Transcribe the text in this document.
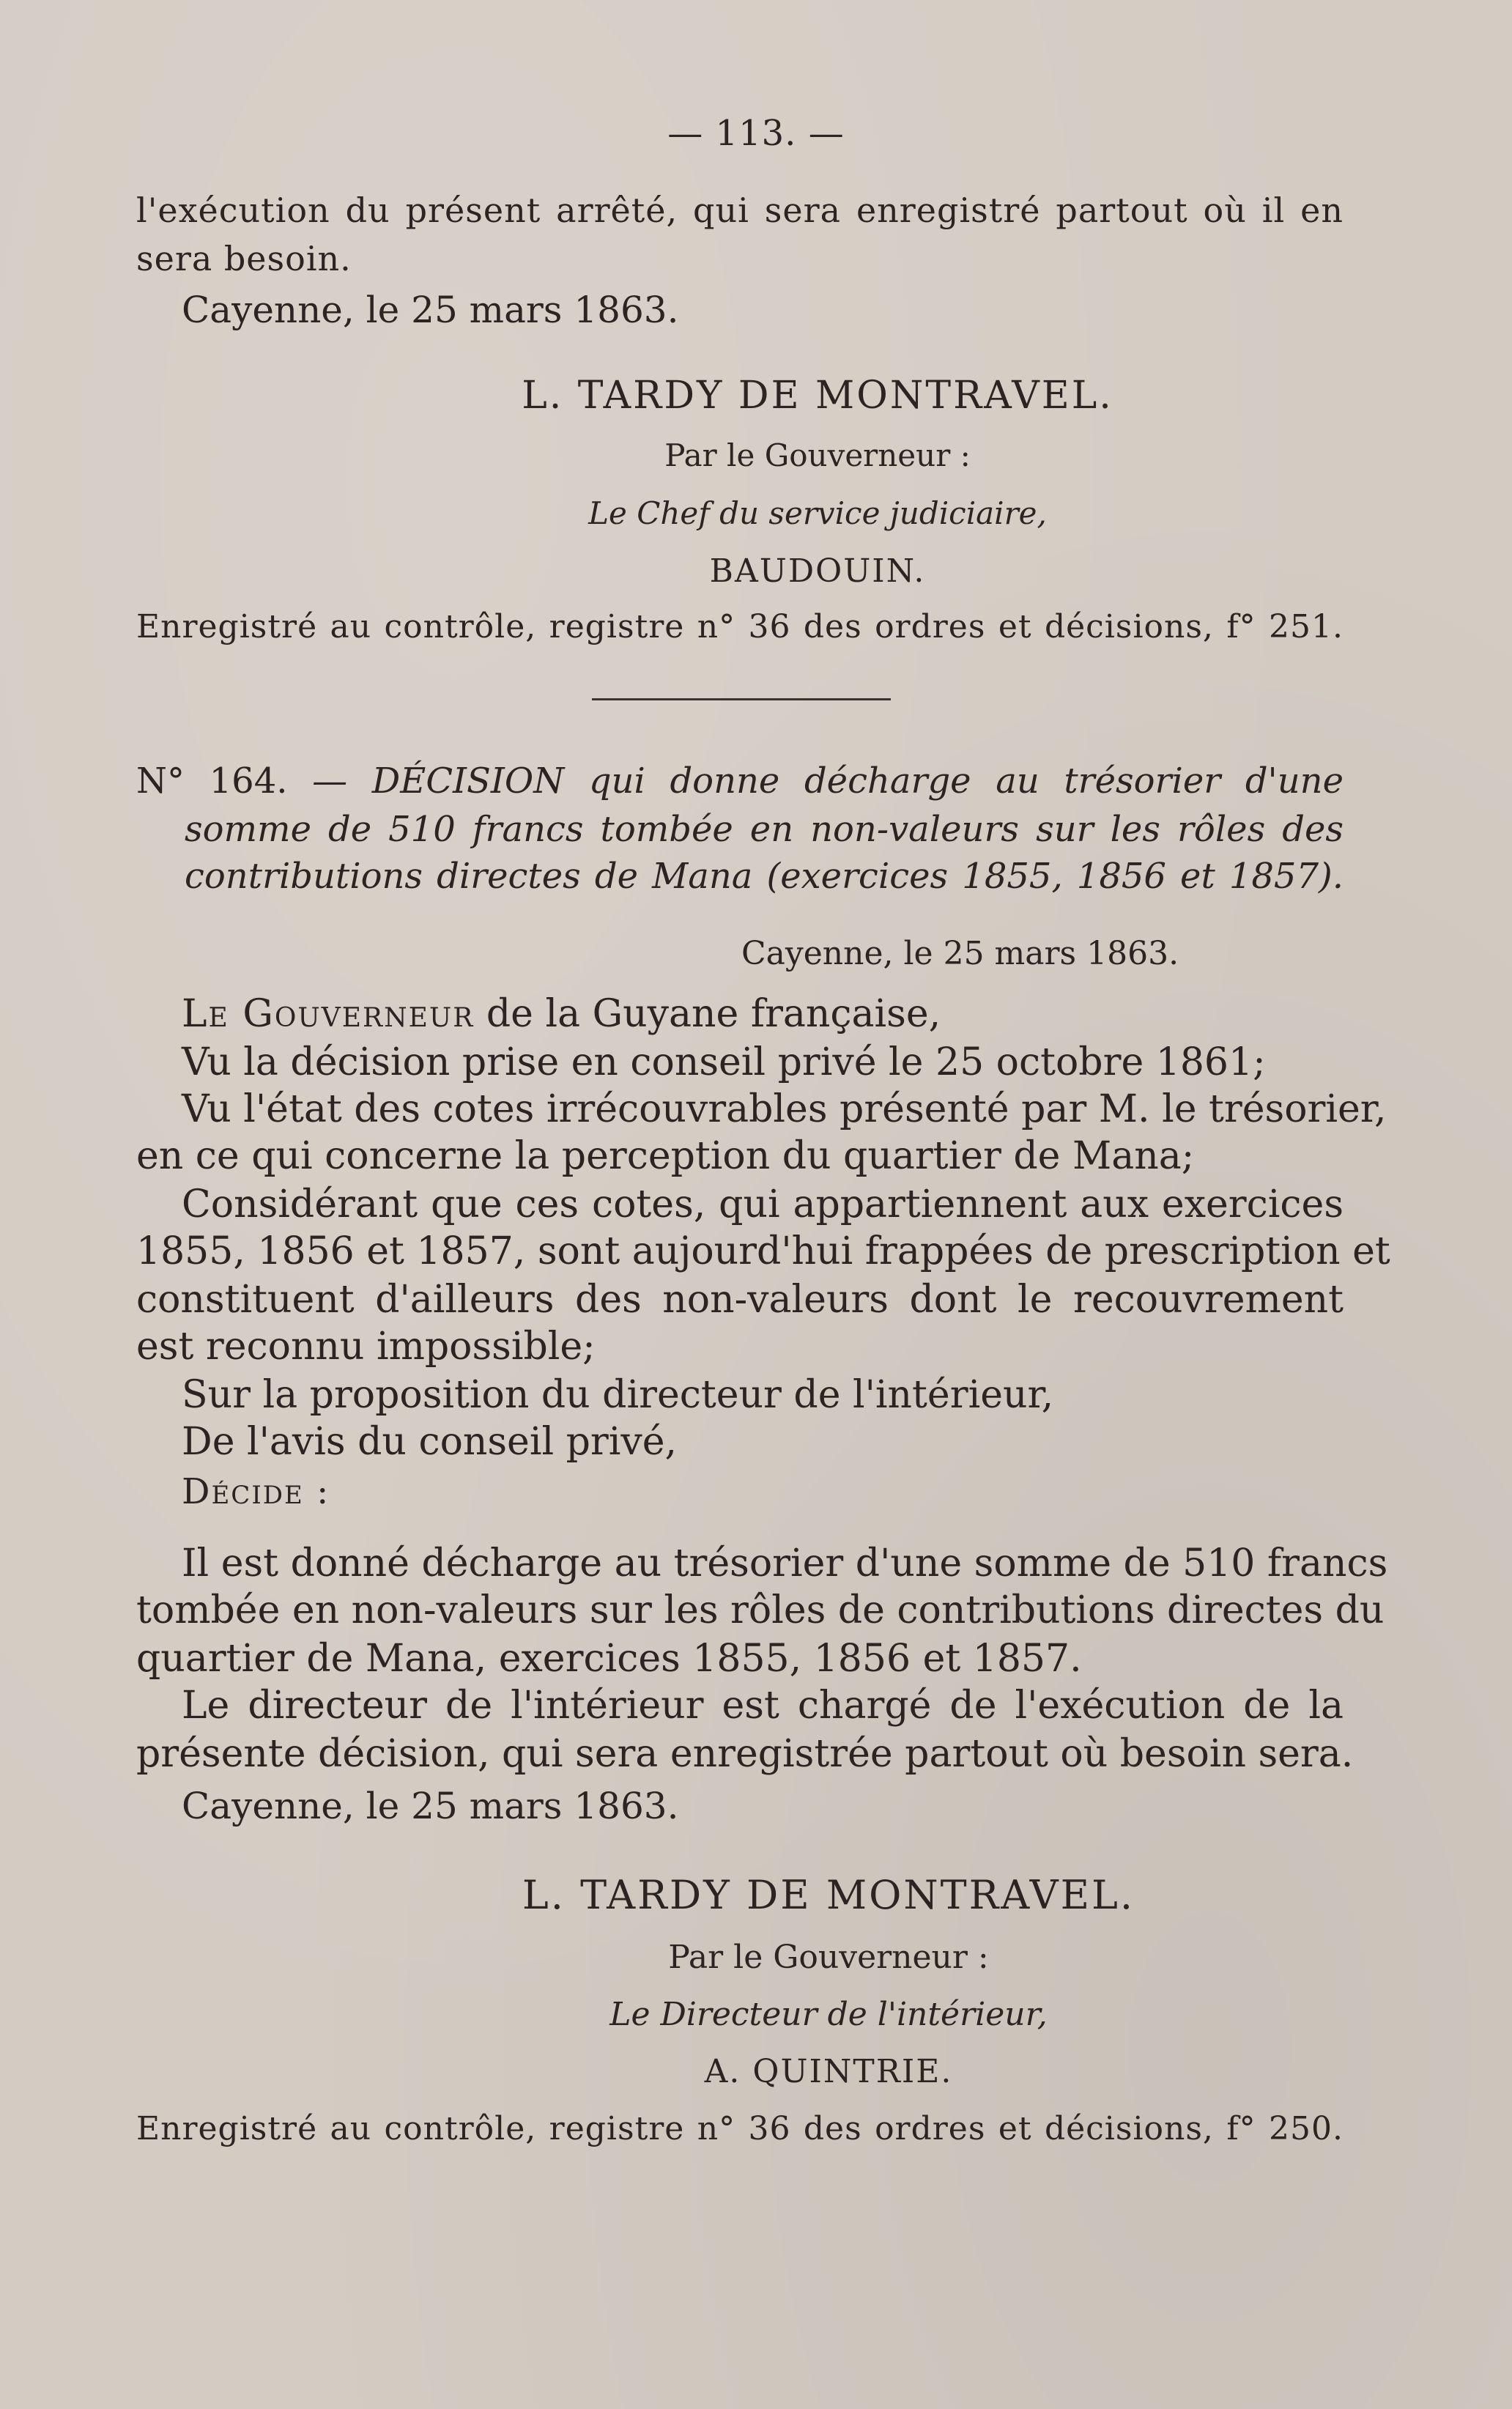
— 113. —
l'exécution du présent arrêté, qui sera enregistré partout où il en
sera besoin.
Cayenne, le 25 mars 1863.
L. TARDY DE MONTRAVEL.
Par le Gouverneur :
Le Chef du service judiciaire,
BAUDOUIN.
Enregistré au contrôle, registre n° 36 des ordres et décisions, f° 251.
N° 164. — DÉCISION qui donne décharge au trésorier d'une
somme de 510 francs tombée en non-valeurs sur les rôles des
contributions directes de Mana (exercices 1855, 1856 et 1857).
Cayenne, le 25 mars 1863.
Le Gouverneur de la Guyane française,
Vu la décision prise en conseil privé le 25 octobre 1861;
Vu l'état des cotes irrécouvrables présenté par M. le trésorier,
en ce qui concerne la perception du quartier de Mana;
Considérant que ces cotes, qui appartiennent aux exercices
1855, 1856 et 1857, sont aujourd'hui frappées de prescription et
constituent d'ailleurs des non-valeurs dont le recouvrement
est reconnu impossible;
Sur la proposition du directeur de l'intérieur,
De l'avis du conseil privé,
Décide :
Il est donné décharge au trésorier d'une somme de 510 francs
tombée en non-valeurs sur les rôles de contributions directes du
quartier de Mana, exercices 1855, 1856 et 1857.
Le directeur de l'intérieur est chargé de l'exécution de la
présente décision, qui sera enregistrée partout où besoin sera.
Cayenne, le 25 mars 1863.
L. TARDY DE MONTRAVEL.
Par le Gouverneur :
Le Directeur de l'intérieur,
A. QUINTRIE.
Enregistré au contrôle, registre n° 36 des ordres et décisions, f° 250.
